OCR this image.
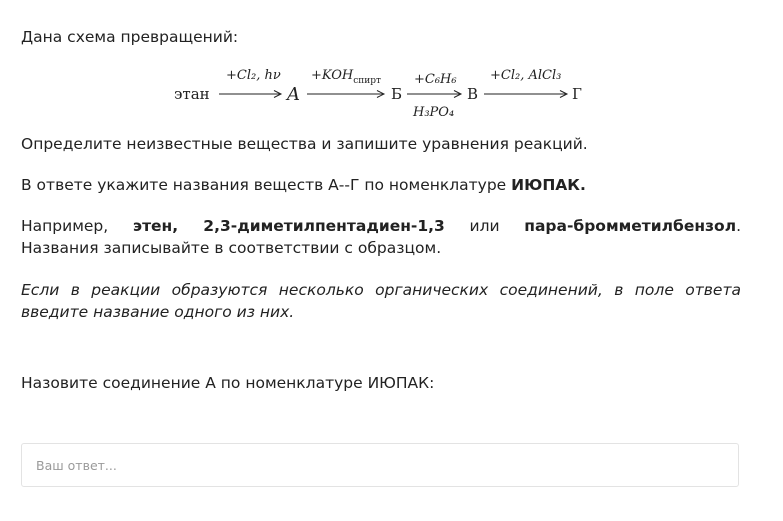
Дана схема превращений:

этан
+Cl₂, hν
A
$+KOH_{спирт}$
Б
+C₆H₆
H₃PO₄
В
+Cl₂, AlCl₃
Г

Определите неизвестные вещества и запишите уравнения реакций.

В ответе укажите названия веществ А--Г по номенклатуре ИЮПАК.

Например, этен, 2,3-диметилпентадиен-1,3 или пара-бромметилбензол. Названия записывайте в соответствии с образцом.

Если в реакции образуются несколько органических соединений, в поле ответа введите название одного из них.

Назовите соединение А по номенклатуре ИЮПАК:

Ваш ответ...
